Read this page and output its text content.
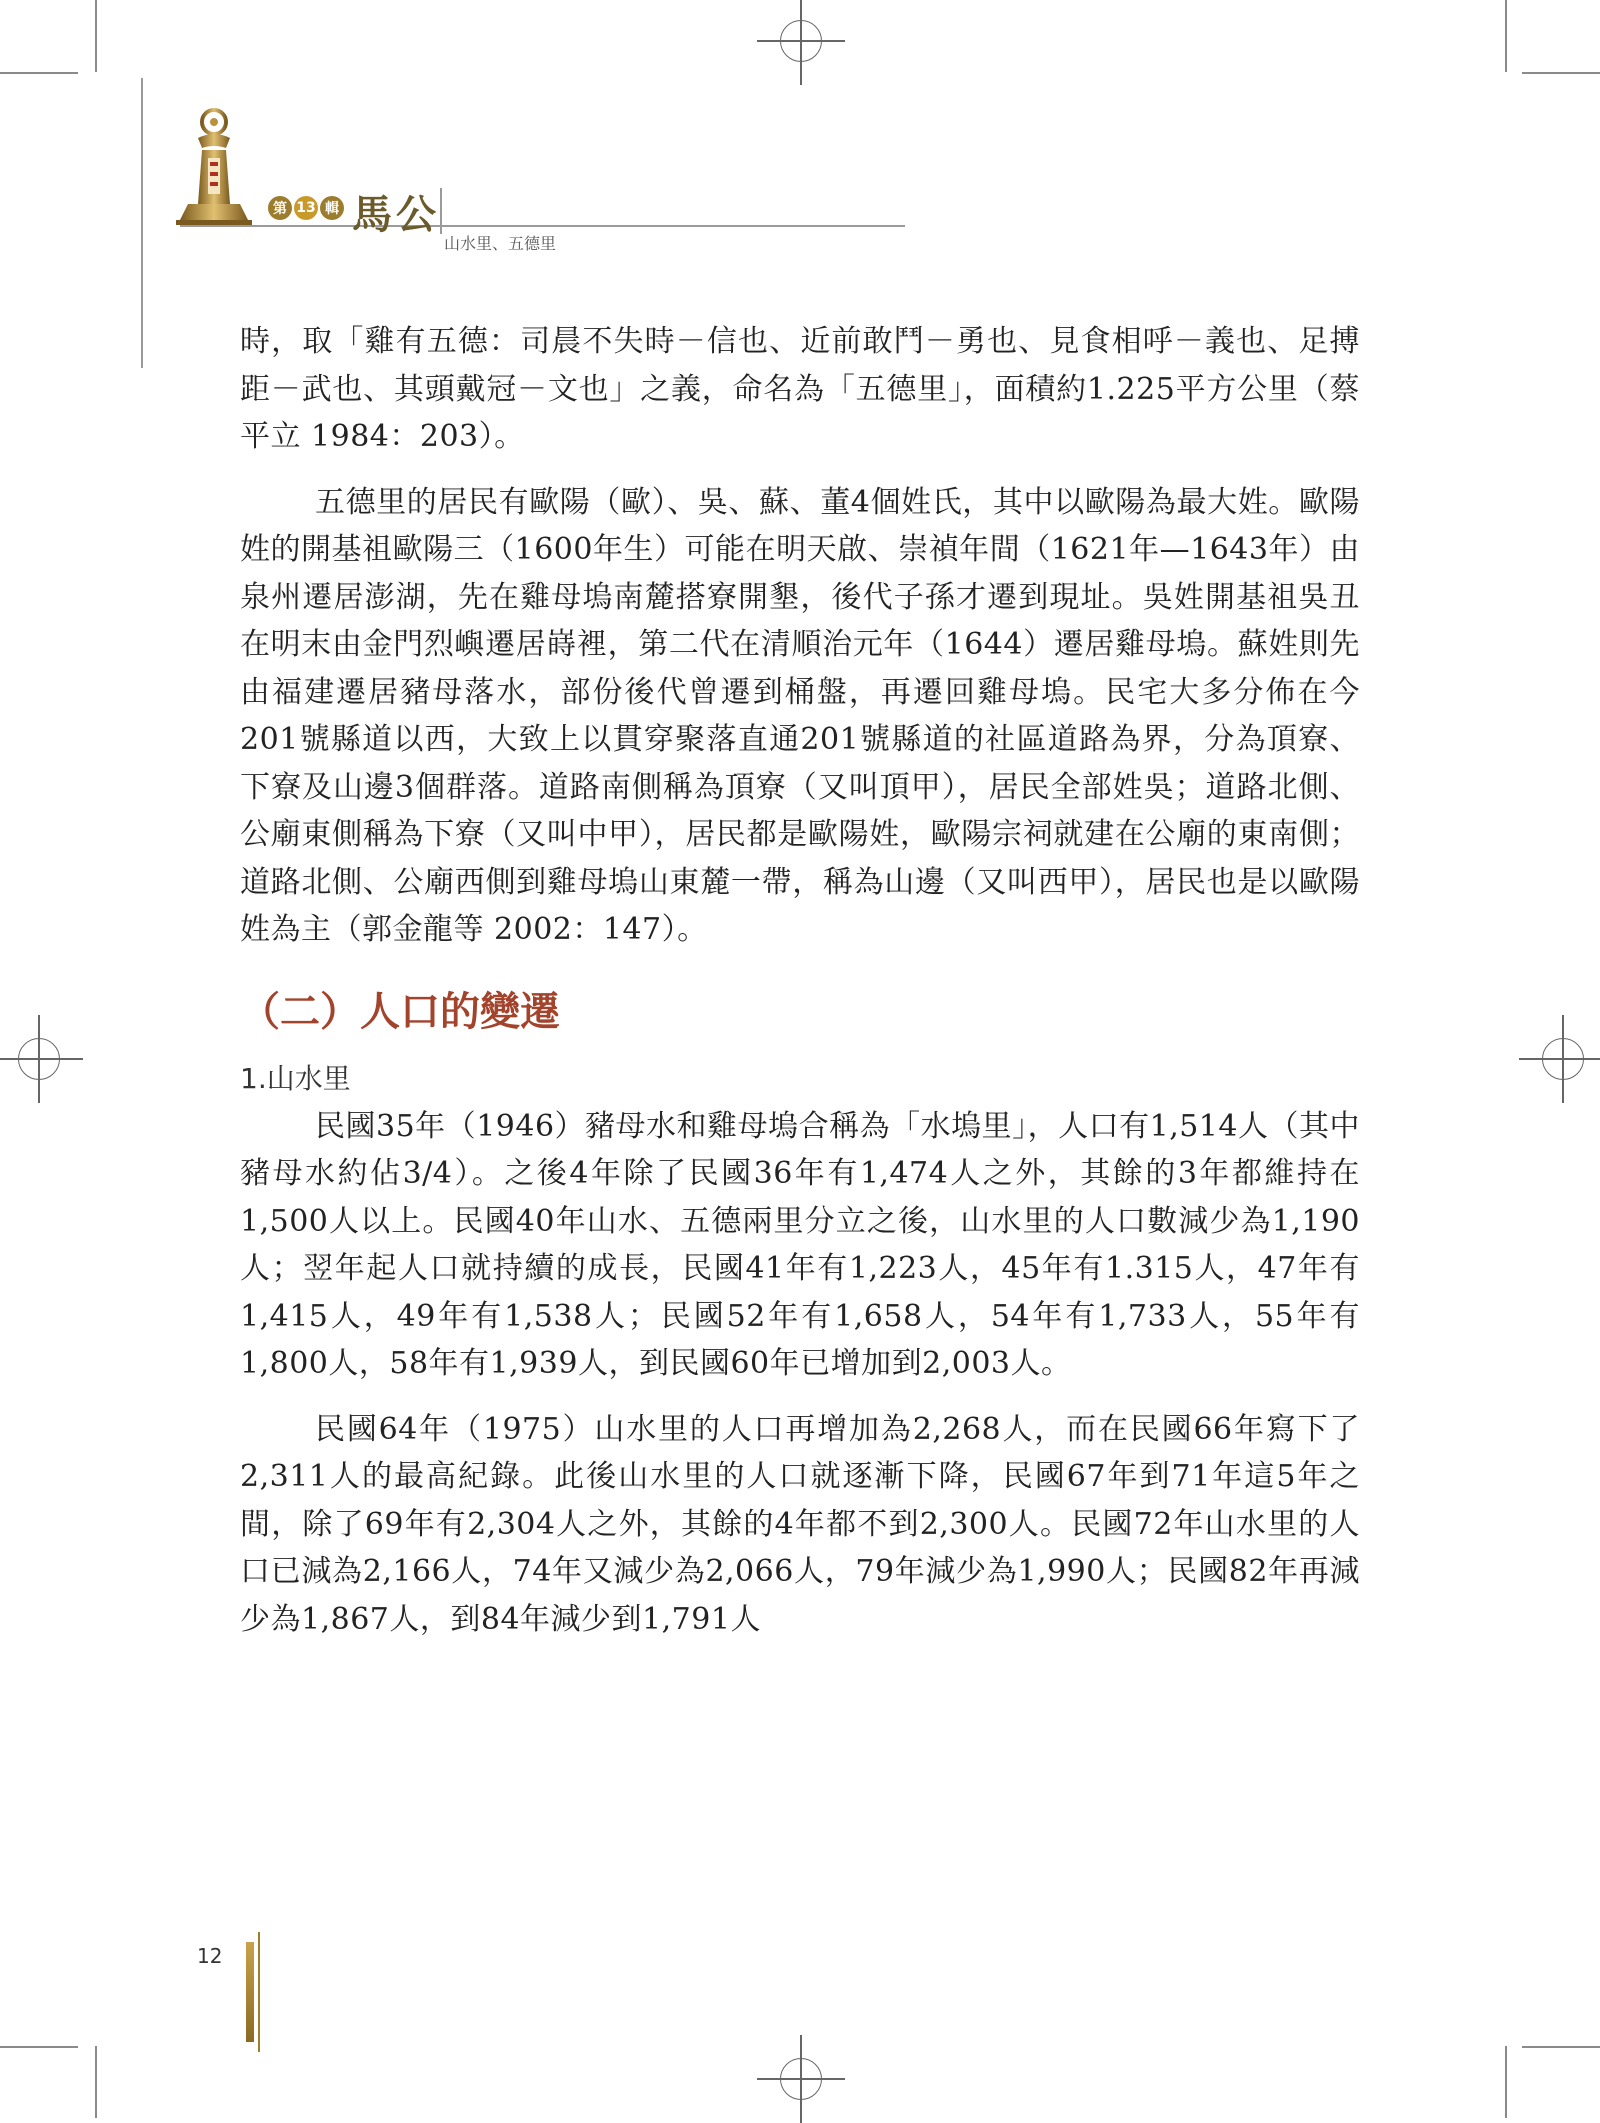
第 13 輯 馬公
山水里、五德里

時，取「雞有五德：司晨不失時－信也、近前敢鬥－勇也、見食相呼－義也、足搏距－武也、其頭戴冠－文也」之義，命名為「五德里」，面積約1.225平方公里（蔡平立 1984：203）。

五德里的居民有歐陽（歐）、吳、蘇、董4個姓氏，其中以歐陽為最大姓。歐陽姓的開基祖歐陽三（1600年生）可能在明天啟、崇禎年間（1621年—1643年）由泉州遷居澎湖，先在雞母塢南麓搭寮開墾，後代子孫才遷到現址。吳姓開基祖吳丑在明末由金門烈嶼遷居嵵裡，第二代在清順治元年（1644）遷居雞母塢。蘇姓則先由福建遷居豬母落水，部份後代曾遷到桶盤，再遷回雞母塢。民宅大多分佈在今201號縣道以西，大致上以貫穿聚落直通201號縣道的社區道路為界，分為頂寮、下寮及山邊3個群落。道路南側稱為頂寮（又叫頂甲），居民全部姓吳；道路北側、公廟東側稱為下寮（又叫中甲），居民都是歐陽姓，歐陽宗祠就建在公廟的東南側；道路北側、公廟西側到雞母塢山東麓一帶，稱為山邊（又叫西甲），居民也是以歐陽姓為主（郭金龍等 2002：147）。

（二）人口的變遷
1.山水里

民國35年（1946）豬母水和雞母塢合稱為「水塢里」，人口有1,514人（其中豬母水約佔3/4）。之後4年除了民國36年有1,474人之外，其餘的3年都維持在1,500人以上。民國40年山水、五德兩里分立之後，山水里的人口數減少為1,190人；翌年起人口就持續的成長，民國41年有1,223人，45年有1.315人，47年有1,415人，49年有1,538人；民國52年有1,658人，54年有1,733人，55年有1,800人，58年有1,939人，到民國60年已增加到2,003人。

民國64年（1975）山水里的人口再增加為2,268人，而在民國66年寫下了2,311人的最高紀錄。此後山水里的人口就逐漸下降，民國67年到71年這5年之間，除了69年有2,304人之外，其餘的4年都不到2,300人。民國72年山水里的人口已減為2,166人，74年又減少為2,066人，79年減少為1,990人；民國82年再減少為1,867人，到84年減少到1,791人

12
